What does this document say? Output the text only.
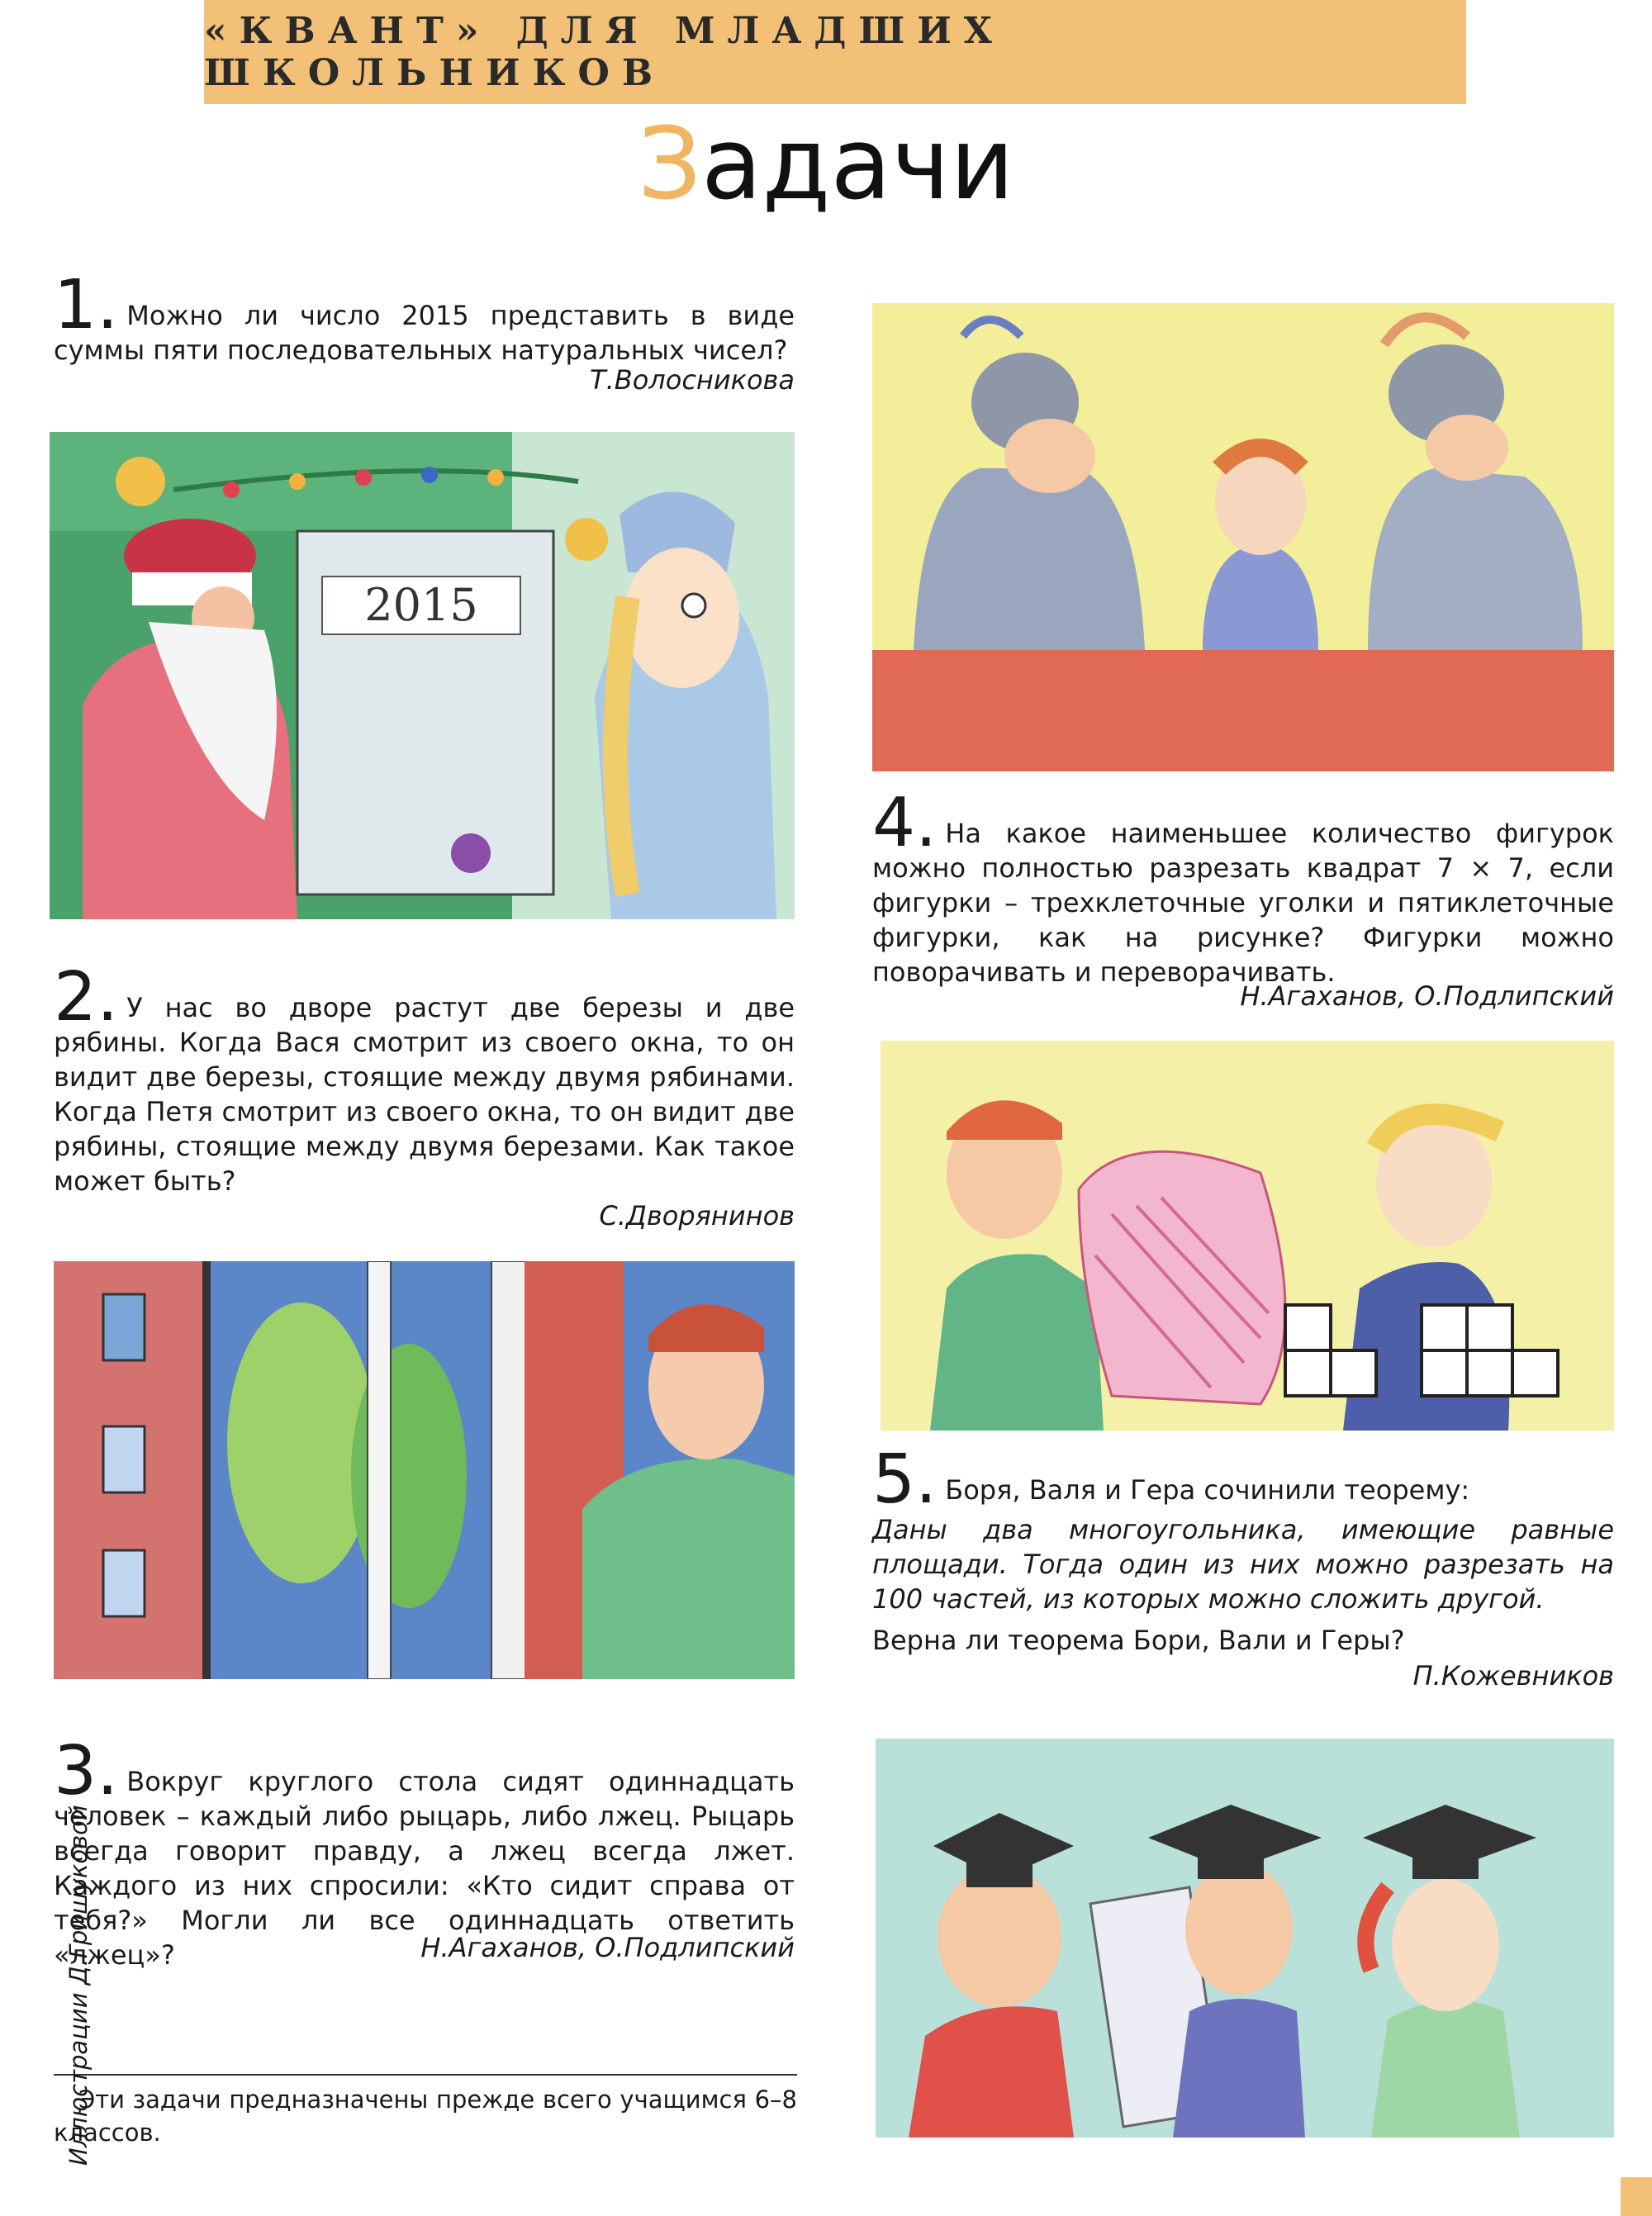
«КВАНТ» ДЛЯ МЛАДШИХ ШКОЛЬНИКОВ
Задачи
1. Можно ли число 2015 представить в виде суммы пяти последовательных натуральных чисел?
Т.Волосникова
2015
2. У нас во дворе растут две березы и две рябины. Когда Вася смотрит из своего окна, то он видит две березы, стоящие между двумя рябинами. Когда Петя смотрит из своего окна, то он видит две рябины, стоящие между двумя березами. Как такое может быть?
С.Дворянинов
3. Вокруг круглого стола сидят одиннадцать человек – каждый либо рыцарь, либо лжец. Рыцарь всегда говорит правду, а лжец всегда лжет. Каждого из них спросили: «Кто сидит справа от тебя?» Могли ли все одиннадцать ответить «лжец»?	Н.Агаханов, О.Подлипский
Эти задачи предназначены прежде всего учащимся 6–8 классов.
Иллюстрации Д.Гришуковой
4. На какое наименьшее количество фигурок можно полностью разрезать квадрат 7 × 7, если фигурки – трехклеточные уголки и пятиклеточные фигурки, как на рисунке? Фигурки можно поворачивать и переворачивать.
Н.Агаханов, О.Подлипский
5. Боря, Валя и Гера сочинили теорему:
Даны два многоугольника, имеющие равные площади. Тогда один из них можно разрезать на 100 частей, из которых можно сложить другой.
Верна ли теорема Бори, Вали и Геры?
П.Кожевников
